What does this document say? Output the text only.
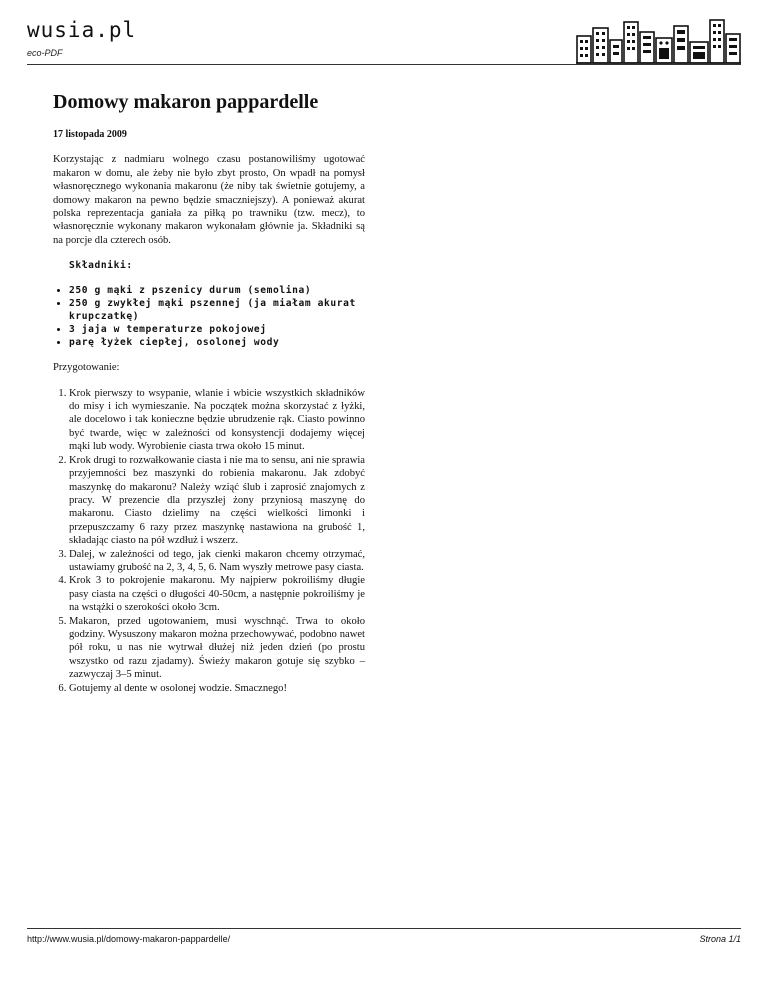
wusia.pl
eco-PDF
Domowy makaron pappardelle
17 listopada 2009

Korzystając z nadmiaru wolnego czasu postanowiliśmy ugotować makaron w domu, ale żeby nie było zbyt prosto, On wpadł na pomysł własnoręcznego wykonania makaronu (że niby tak świetnie gotujemy, a domowy makaron na pewno będzie smaczniejszy). A ponieważ akurat polska reprezentacja ganiała za piłką po trawniku (tzw. mecz), to własnoręcznie wykonany makaron wykonałam głównie ja. Składniki są na porcje dla czterech osób.

Składniki:
• 250 g mąki z pszenicy durum (semolina)
• 250 g zwykłej mąki pszennej (ja miałam akurat krupczatkę)
• 3 jaja w temperaturze pokojowej
• parę łyżek ciepłej, osolonej wody
Przygotowanie:
1. Krok pierwszy to wsypanie, wlanie i wbicie wszystkich składników do misy i ich wymieszanie. Na początek można skorzystać z łyżki, ale docelowo i tak konieczne będzie ubrudzenie rąk. Ciasto powinno być twarde, więc w zależności od konsystencji dodajemy więcej mąki lub wody. Wyrobienie ciasta trwa około 15 minut.
2. Krok drugi to rozwałkowanie ciasta i nie ma to sensu, ani nie sprawia przyjemności bez maszynki do robienia makaronu. Jak zdobyć maszynkę do makaronu? Należy wziąć ślub i zaprosić znajomych z pracy. W prezencie dla przyszłej żony przyniosą maszynę do makaronu. Ciasto dzielimy na części wielkości limonki i przepuszczamy 6 razy przez maszynkę nastawiona na grubość 1, składając ciasto na pół wzdłuż i wszerz.
3. Dalej, w zależności od tego, jak cienki makaron chcemy otrzymać, ustawiamy grubość na 2, 3, 4, 5, 6. Nam wyszły metrowe pasy ciasta.
4. Krok 3 to pokrojenie makaronu. My najpierw pokroiliśmy długie pasy ciasta na części o długości 40-50cm, a następnie pokroiliśmy je na wstążki o szerokości około 3cm.
5. Makaron, przed ugotowaniem, musi wyschnąć. Trwa to około godziny. Wysuszony makaron można przechowywać, podobno nawet pół roku, u nas nie wytrwał dłużej niż jeden dzień (po prostu wszystko od razu zjadamy). Świeży makaron gotuje się szybko – zazwyczaj 3–5 minut.
6. Gotujemy al dente w osolonej wodzie. Smacznego!
http://www.wusia.pl/domowy-makaron-pappardelle/	Strona 1/1
